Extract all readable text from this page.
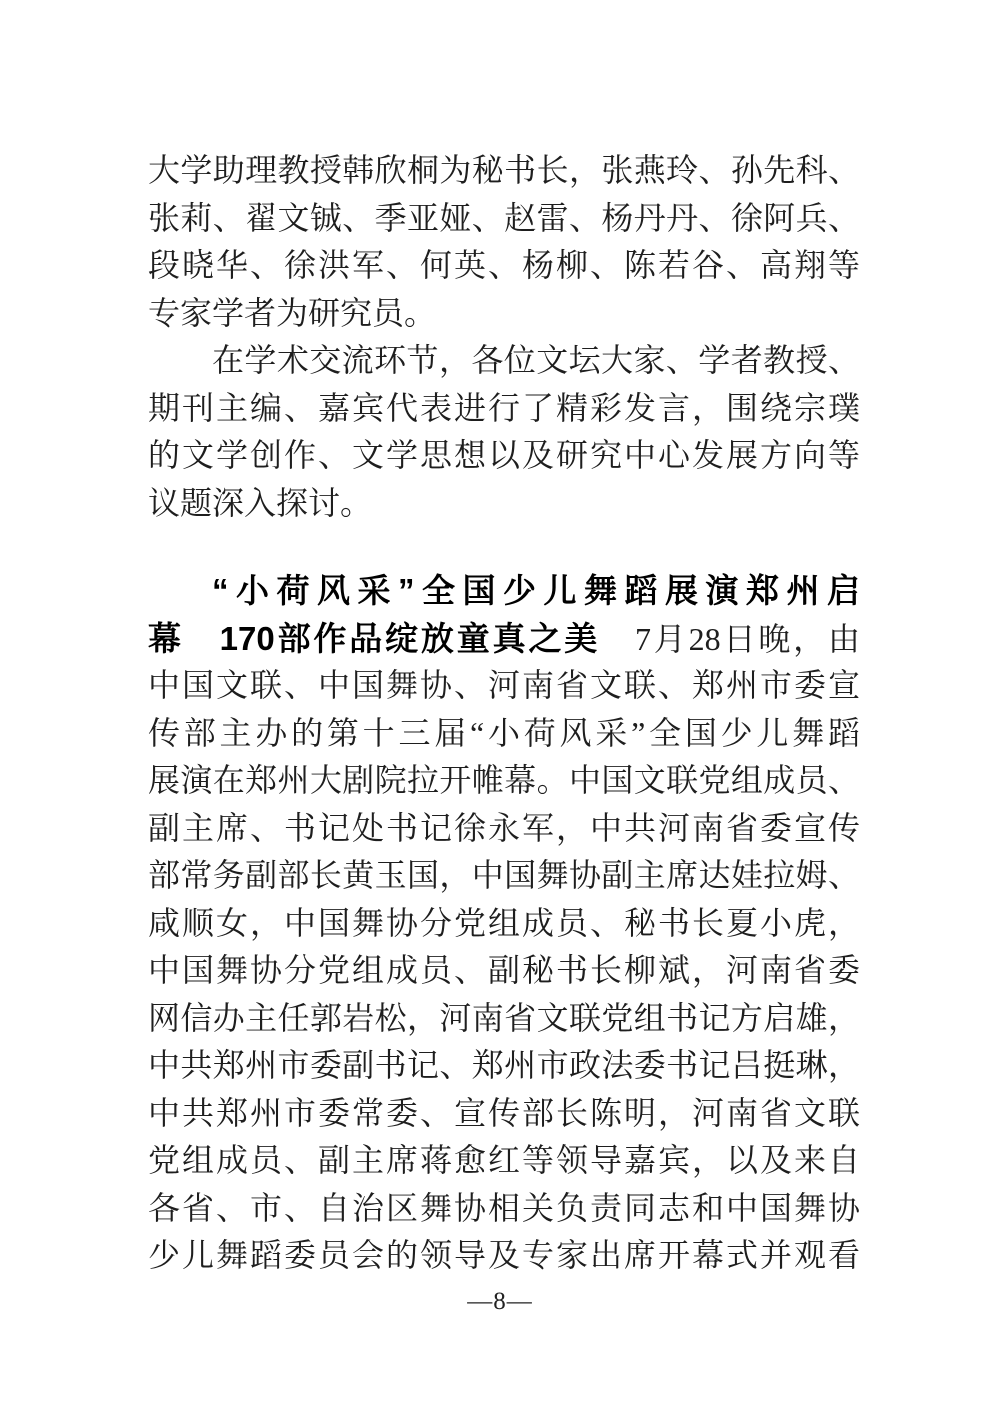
大学助理教授韩欣桐为秘书长，张燕玲、孙先科、
张莉、翟文铖、季亚娅、赵雷、杨丹丹、徐阿兵、
段晓华、徐洪军、何英、杨柳、陈若谷、高翔等
专家学者为研究员。
在学术交流环节，各位文坛大家、学者教授、
期刊主编、嘉宾代表进行了精彩发言，围绕宗璞
的文学创作、文学思想以及研究中心发展方向等
议题深入探讨。
“小荷风采”全国少儿舞蹈展演郑州启
幕　170部作品绽放童真之美　7月28日晚，由
中国文联、中国舞协、河南省文联、郑州市委宣
传部主办的第十三届“小荷风采”全国少儿舞蹈
展演在郑州大剧院拉开帷幕。中国文联党组成员、
副主席、书记处书记徐永军，中共河南省委宣传
部常务副部长黄玉国，中国舞协副主席达娃拉姆、
咸顺女，中国舞协分党组成员、秘书长夏小虎，
中国舞协分党组成员、副秘书长柳斌，河南省委
网信办主任郭岩松，河南省文联党组书记方启雄，
中共郑州市委副书记、郑州市政法委书记吕挺琳，
中共郑州市委常委、宣传部长陈明，河南省文联
党组成员、副主席蒋愈红等领导嘉宾，以及来自
各省、市、自治区舞协相关负责同志和中国舞协
少儿舞蹈委员会的领导及专家出席开幕式并观看
—8—
